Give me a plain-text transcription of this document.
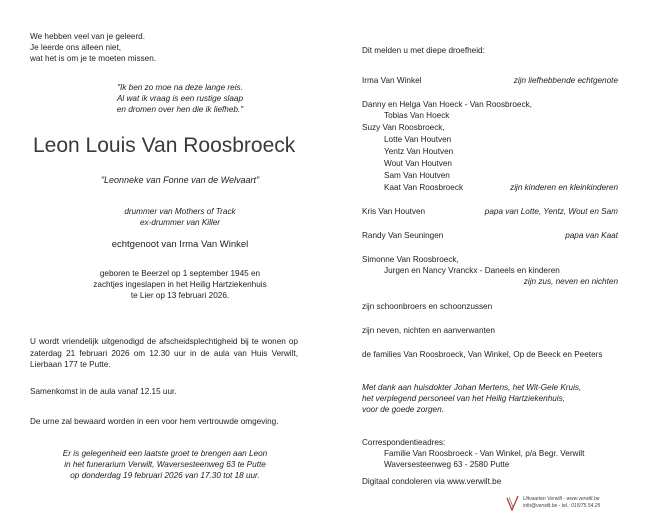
We hebben veel van je geleerd.
Je leerde ons alleen niet,
wat het is om je te moeten missen.
"Ik ben zo moe na deze lange reis.
Al wat ik vraag is een rustige slaap
en dromen over hen die ik liefheb."
Leon Louis Van Roosbroeck
"Leonneke van Fonne van de Welvaart"
drummer van Mothers of Track
ex-drummer van Killer
echtgenoot van Irma Van Winkel
geboren te Beerzel op 1 september 1945 en
zachtjes ingeslapen in het Heilig Hartziekenhuis
te Lier op 13 februari 2026.
U wordt vriendelijk uitgenodigd de afscheidsplechtigheid bij te wonen op zaterdag 21 februari 2026 om 12.30 uur in de aula van Huis Verwilt, Lierbaan 177 te Putte.
Samenkomst in de aula vanaf 12.15 uur.
De urne zal bewaard worden in een voor hem vertrouwde omgeving.
Er is gelegenheid een laatste groet te brengen aan Leon
in het funerarium Verwilt, Waversesteenweg 63 te Putte
op donderdag 19 februari 2026 van 17.30 tot 18 uur.
Dit melden u met diepe droefheid:
Irma Van Winkel	zijn liefhebbende echtgenote
Danny en Helga Van Hoeck - Van Roosbroeck,
Tobias Van Hoeck
Suzy Van Roosbroeck,
Lotte Van Houtven
Yentz Van Houtven
Wout Van Houtven
Sam Van Houtven
Kaat Van Roosbroeck	zijn kinderen en kleinkinderen
Kris Van Houtven	papa van Lotte, Yentz, Wout en Sam
Randy Van Seuningen	papa van Kaat
Simonne Van Roosbroeck,
Jurgen en Nancy Vranckx - Daneels en kinderen
zijn zus, neven en nichten
zijn schoonbroers en schoonzussen
zijn neven, nichten en aanverwanten
de families Van Roosbroeck, Van Winkel, Op de Beeck en Peeters
Met dank aan huisdokter Johan Mertens, het Wit-Gele Kruis,
het verplegend personeel van het Heilig Hartziekenhuis,
voor de goede zorgen.
Correspondentieadres:
Familie Van Roosbroeck - Van Winkel, p/a Begr. Verwilt
Waversesteenweg 63 - 2580 Putte
Digitaal condoleren via www.verwilt.be
Uitvaarten Verwilt - www.verwilt.be
info@verwilt.be - tel.: 015/75.54.25
